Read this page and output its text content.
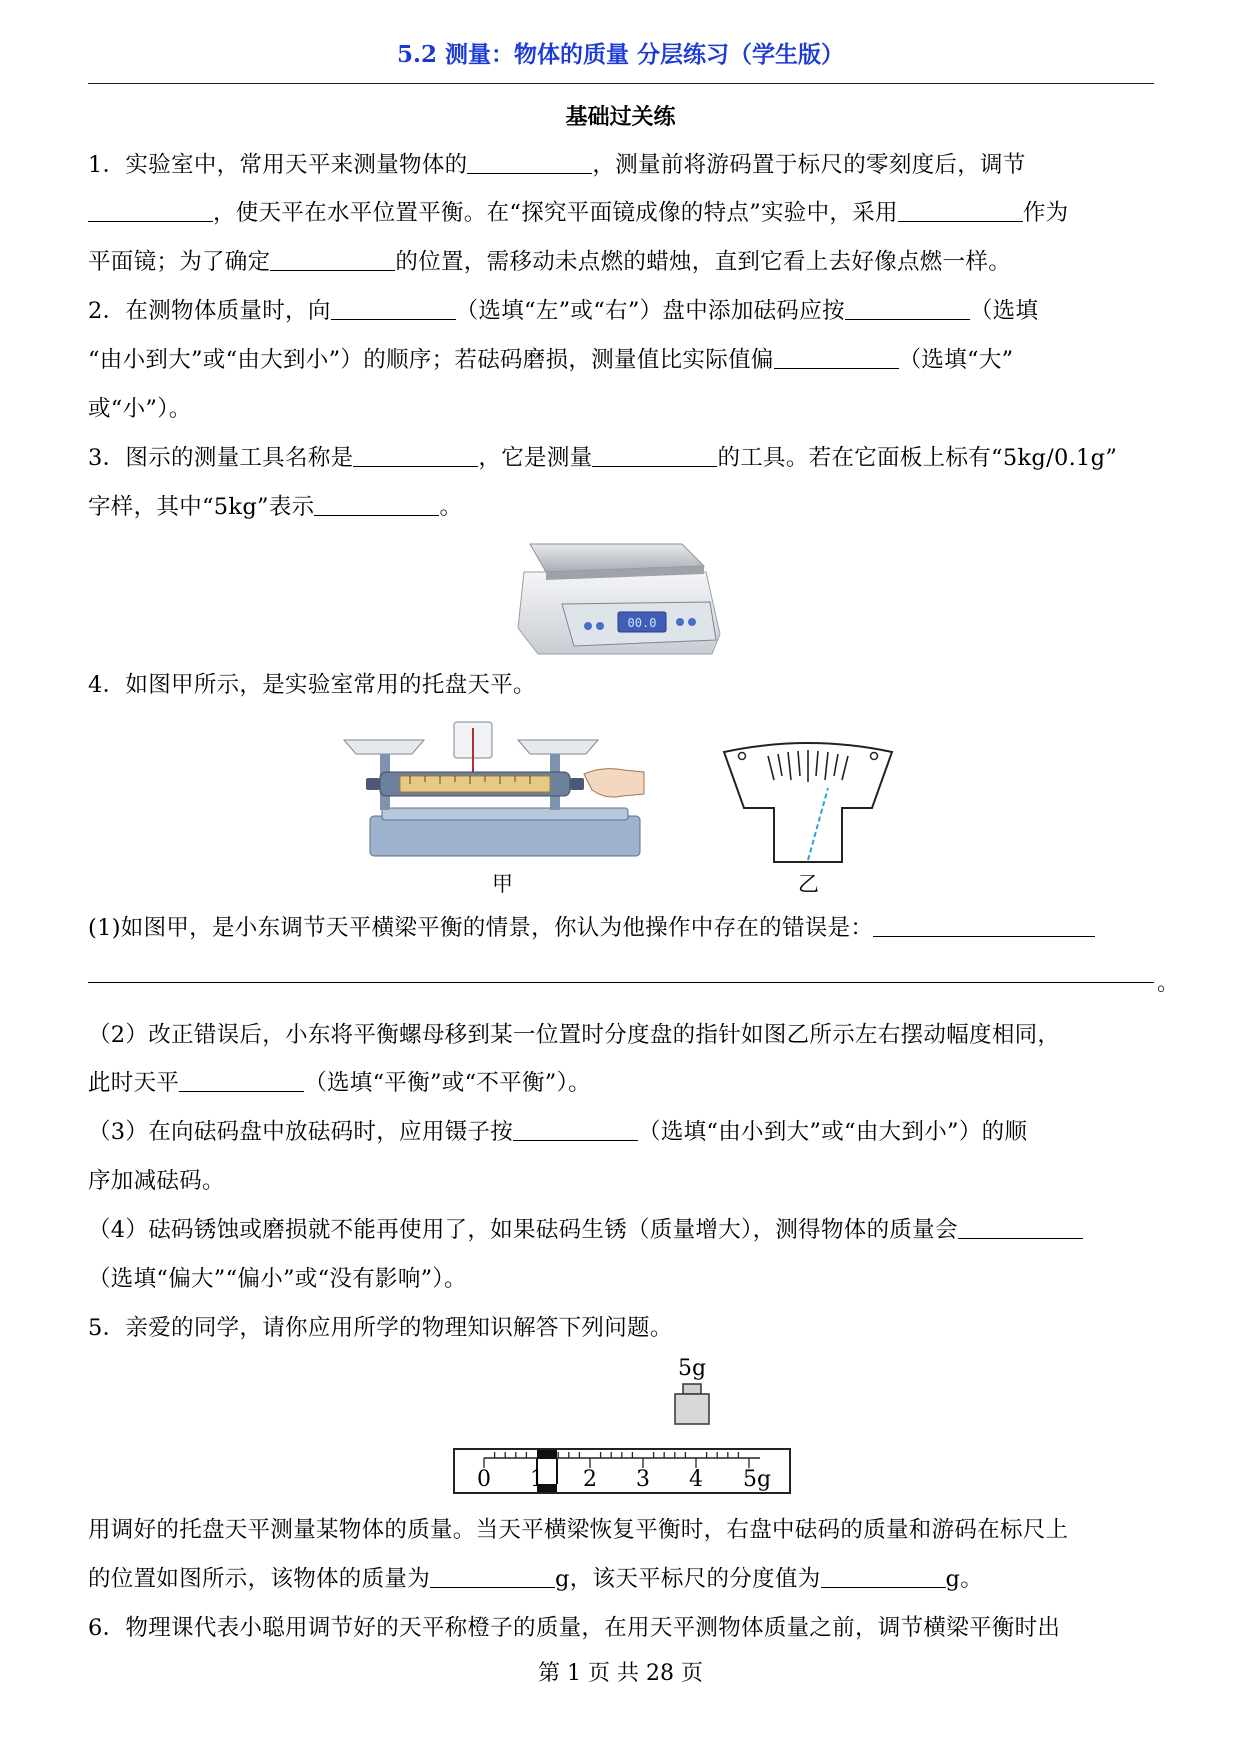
5.2 测量：物体的质量 分层练习（学生版）
基础过关练
1．实验室中，常用天平来测量物体的	，测量前将游码置于标尺的零刻度后，调节
，使天平在水平位置平衡。在“探究平面镜成像的特点”实验中，采用	作为
平面镜；为了确定	的位置，需移动未点燃的蜡烛，直到它看上去好像点燃一样。
2．在测物体质量时，向	（选填“左”或“右”）盘中添加砝码应按	（选填
“由小到大”或“由大到小”）的顺序；若砝码磨损，测量值比实际值偏	（选填“大”
或“小”）。
3．图示的测量工具名称是	，它是测量	的工具。若在它面板上标有“5kg/0.1g”
字样，其中“5kg”表示	。
00.0
4．如图甲所示，是实验室常用的托盘天平。
甲	乙
(1)如图甲，是小东调节天平横梁平衡的情景，你认为他操作中存在的错误是：
。
（2）改正错误后，小东将平衡螺母移到某一位置时分度盘的指针如图乙所示左右摆动幅度相同，
此时天平	（选填“平衡”或“不平衡”）。
（3）在向砝码盘中放砝码时，应用镊子按	（选填“由小到大”或“由大到小”）的顺
序加减砝码。
（4）砝码锈蚀或磨损就不能再使用了，如果砝码生锈（质量增大），测得物体的质量会
（选填“偏大”“偏小”或“没有影响”）。
5．亲爱的同学，请你应用所学的物理知识解答下列问题。
5g
0 1 2 3 4 5g
用调好的托盘天平测量某物体的质量。当天平横梁恢复平衡时，右盘中砝码的质量和游码在标尺上
的位置如图所示，该物体的质量为	g，该天平标尺的分度值为	g。
6．物理课代表小聪用调节好的天平称橙子的质量，在用天平测物体质量之前，调节横梁平衡时出
第 1 页 共 28 页
